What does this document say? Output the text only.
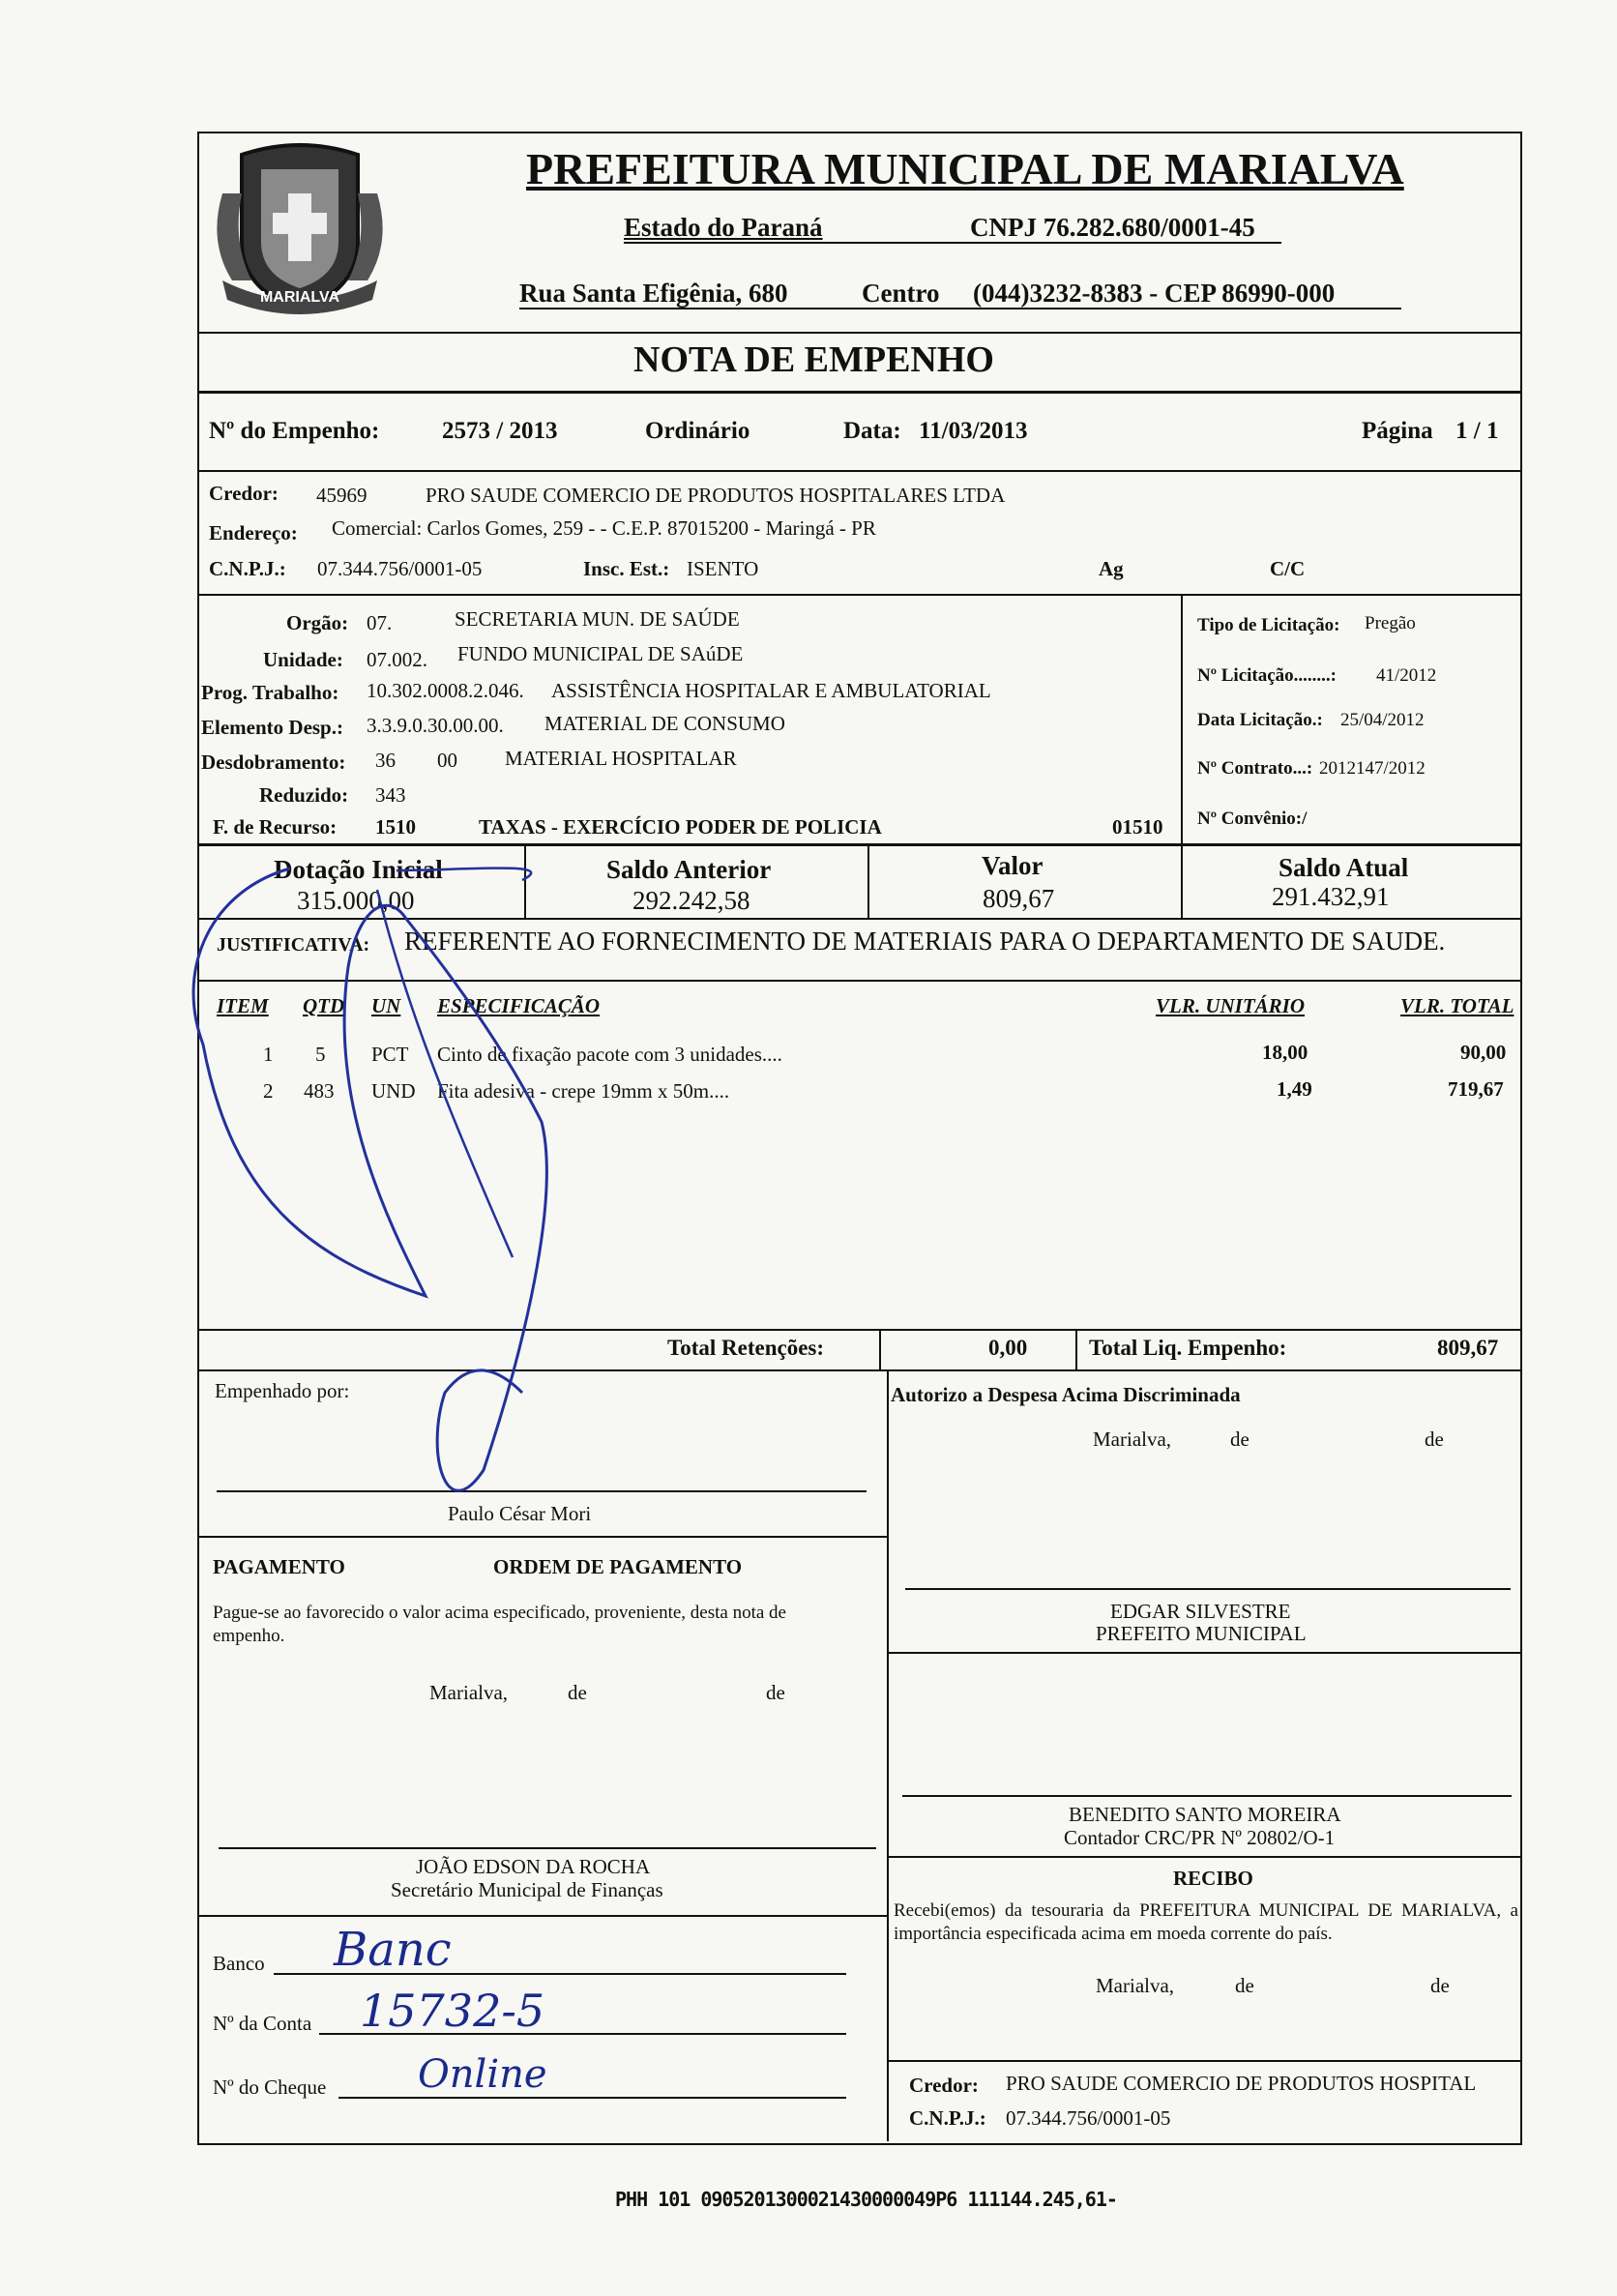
MARIALVA
PREFEITURA MUNICIPAL DE MARIALVA
Estado do Paraná	CNPJ 76.282.680/0001-45
Rua Santa Efigênia, 680	Centro (044)3232-8383 - CEP 86990-000
NOTA DE EMPENHO
Nº do Empenho:	2573 / 2013	Ordinário	Data: 11/03/2013	Página 1 / 1
Credor: 45969	PRO SAUDE COMERCIO DE PRODUTOS HOSPITALARES LTDA
Endereço: Comercial: Carlos Gomes, 259 - - C.E.P. 87015200 - Maringá - PR
C.N.P.J.: 07.344.756/0001-05	Insc. Est.: ISENTO	Ag	C/C
Orgão: 07.	SECRETARIA MUN. DE SAÚDE
Unidade: 07.002. FUNDO MUNICIPAL DE SAúDE
Prog. Trabalho: 10.302.0008.2.046. ASSISTÊNCIA HOSPITALAR E AMBULATORIAL
Elemento Desp.: 3.3.9.0.30.00.00. MATERIAL DE CONSUMO
Desdobramento: 36 00 MATERIAL HOSPITALAR
Reduzido: 343
F. de Recurso: 1510	TAXAS - EXERCÍCIO PODER DE POLICIA	01510
Tipo de Licitação: Pregão
Nº Licitação........: 41/2012
Data Licitação.: 25/04/2012
Nº Contrato...: 2012147/2012
Nº Convênio:/
Dotação Inicial
315.000,00
Saldo Anterior
292.242,58
Valor
809,67
Saldo Atual
291.432,91
JUSTIFICATIVA: REFERENTE AO FORNECIMENTO DE MATERIAIS PARA O DEPARTAMENTO DE SAUDE.
ITEM QTD UN ESPECIFICAÇÃO	VLR. UNITÁRIO	VLR. TOTAL
1 5 PCT Cinto de fixação pacote com 3 unidades....	18,00	90,00
2 483 UND Fita adesiva - crepe 19mm x 50m....	1,49	719,67
Total Retenções:	0,00	Total Liq. Empenho:	809,67
Empenhado por:
Paulo César Mori
Autorizo a Despesa Acima Discriminada
Marialva,	de	de
EDGAR SILVESTRE
PREFEITO MUNICIPAL
PAGAMENTO	ORDEM DE PAGAMENTO
Pague-se ao favorecido o valor acima especificado, proveniente, desta nota de empenho.
Marialva,	de	de
JOÃO EDSON DA ROCHA
Secretário Municipal de Finanças
Banco Banc
Nº da Conta 15732-5
Nº do Cheque Online
BENEDITO SANTO MOREIRA
Contador CRC/PR Nº 20802/O-1
RECIBO
Recebi(emos) da tesouraria da PREFEITURA MUNICIPAL DE MARIALVA, a importância especificada acima em moeda corrente do país.
Marialva,	de	de
Credor: PRO SAUDE COMERCIO DE PRODUTOS HOSPITAL
C.N.P.J.: 07.344.756/0001-05
PHH 101 0905201300021430000049P6 111144.245,61-
